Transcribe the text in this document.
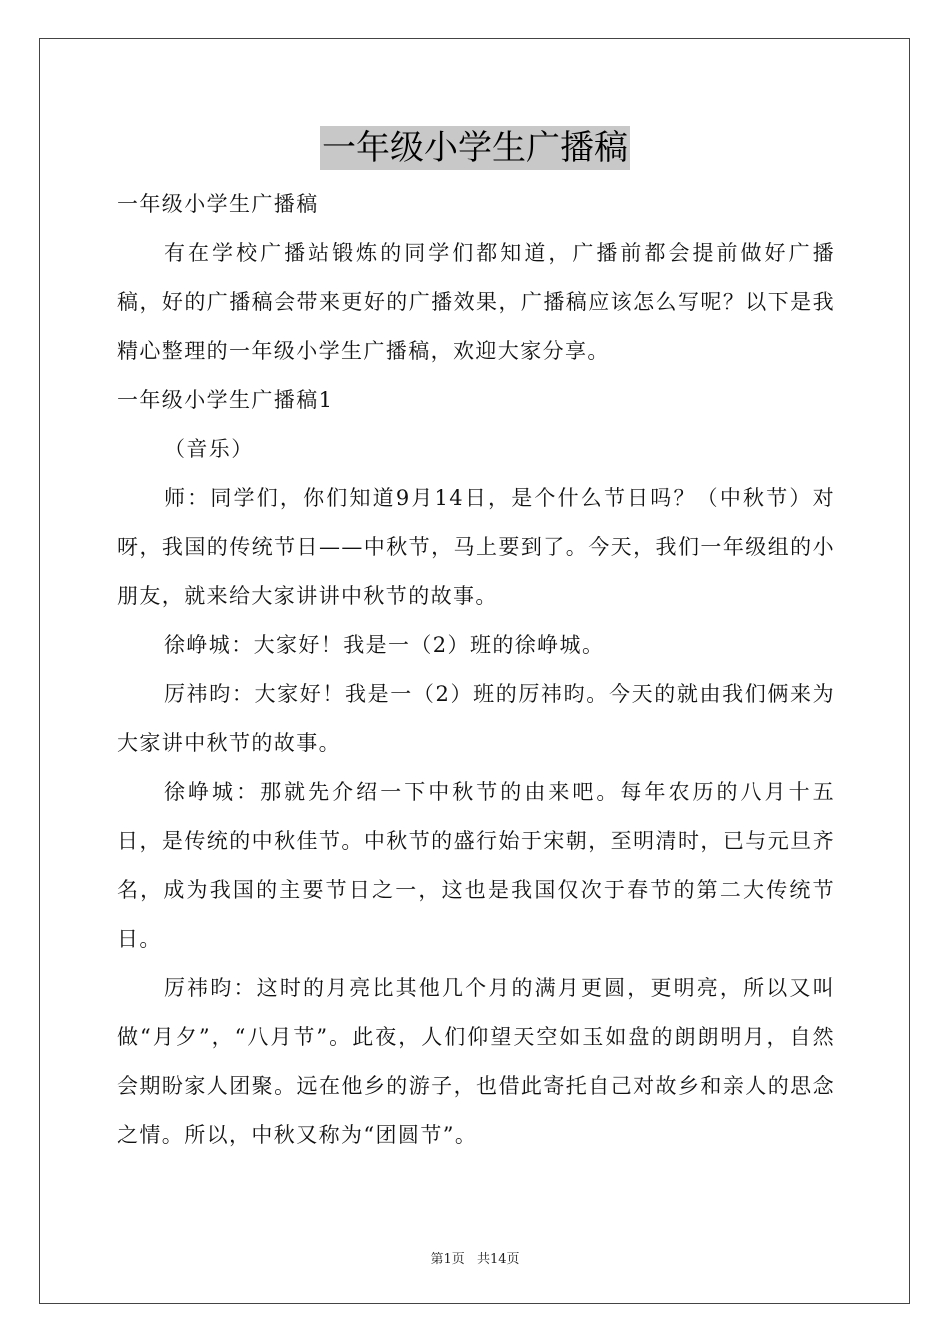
一年级小学生广播稿

一年级小学生广播稿

有在学校广播站锻炼的同学们都知道，广播前都会提前做好广播稿，好的广播稿会带来更好的广播效果，广播稿应该怎么写呢？以下是我精心整理的一年级小学生广播稿，欢迎大家分享。

一年级小学生广播稿1

（音乐）

师：同学们，你们知道9月14日，是个什么节日吗？（中秋节）对呀，我国的传统节日——中秋节，马上要到了。今天，我们一年级组的小朋友，就来给大家讲讲中秋节的故事。

徐峥城：大家好！我是一（2）班的徐峥城。

厉祎昀：大家好！我是一（2）班的厉祎昀。今天的就由我们俩来为大家讲中秋节的故事。

徐峥城：那就先介绍一下中秋节的由来吧。每年农历的八月十五日，是传统的中秋佳节。中秋节的盛行始于宋朝，至明清时，已与元旦齐名，成为我国的主要节日之一，这也是我国仅次于春节的第二大传统节日。

厉祎昀：这时的月亮比其他几个月的满月更圆，更明亮，所以又叫做“月夕”，“八月节”。此夜，人们仰望天空如玉如盘的朗朗明月，自然会期盼家人团聚。远在他乡的游子，也借此寄托自己对故乡和亲人的思念之情。所以，中秋又称为“团圆节”。

第1页 共14页
